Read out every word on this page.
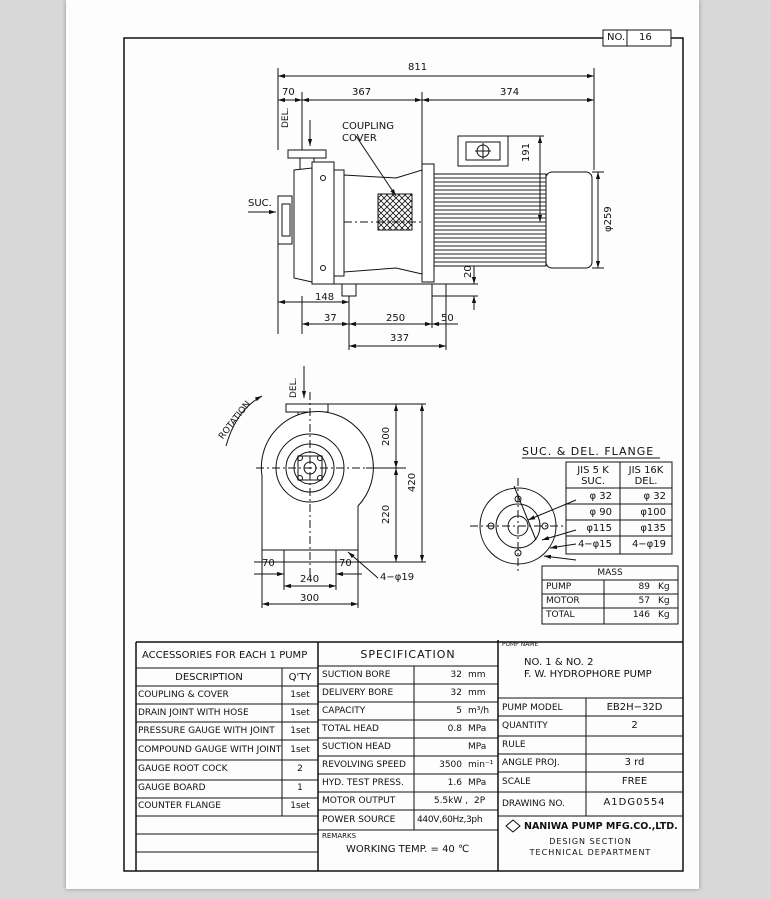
NO. 16
811
70	367	374
COUPLING
COVER
DEL.
SUC.
191
φ259
20
148
37	250	50
337
DEL.
ROTATION	200
220
420
70	70
240
300
4−φ19
SUC. & DEL. FLANGE
JIS 5 K
SUC.
JIS 16K
DEL.
φ 32	φ 32
φ 90	φ100
φ115	φ135
4−φ15	4−φ19
MASS
PUMP	89 Kg
MOTOR	57 Kg
TOTAL	146 Kg
ACCESSORIES FOR EACH 1 PUMP
DESCRIPTION	Q'TY
COUPLING & COVER	1set
DRAIN JOINT WITH HOSE	1set
PRESSURE GAUGE WITH JOINT	1set
COMPOUND GAUGE WITH JOINT 1set
GAUGE ROOT COCK	2
GAUGE BOARD	1
COUNTER FLANGE	1set
SPECIFICATION
SUCTION BORE	32 mm
DELIVERY BORE	32 mm
CAPACITY	5 m³/h
TOTAL HEAD	0.8 MPa
SUCTION HEAD	MPa
REVOLVING SPEED	3500 min⁻¹
HYD. TEST PRESS.	1.6 MPa
MOTOR OUTPUT	5.5kW , 2P
POWER SOURCE 440V,60Hz,3ph
REMARKS
WORKING TEMP. = 40 ℃
PUMP NAME
NO. 1 & NO. 2
F. W. HYDROPHORE PUMP
PUMP MODEL	EB2H−32D
QUANTITY	2
RULE
ANGLE PROJ.	3 rd
SCALE	FREE
DRAWING NO.	A1DG0554
NANIWA PUMP MFG.CO.,LTD.
DESIGN SECTION
TECHNICAL DEPARTMENT
